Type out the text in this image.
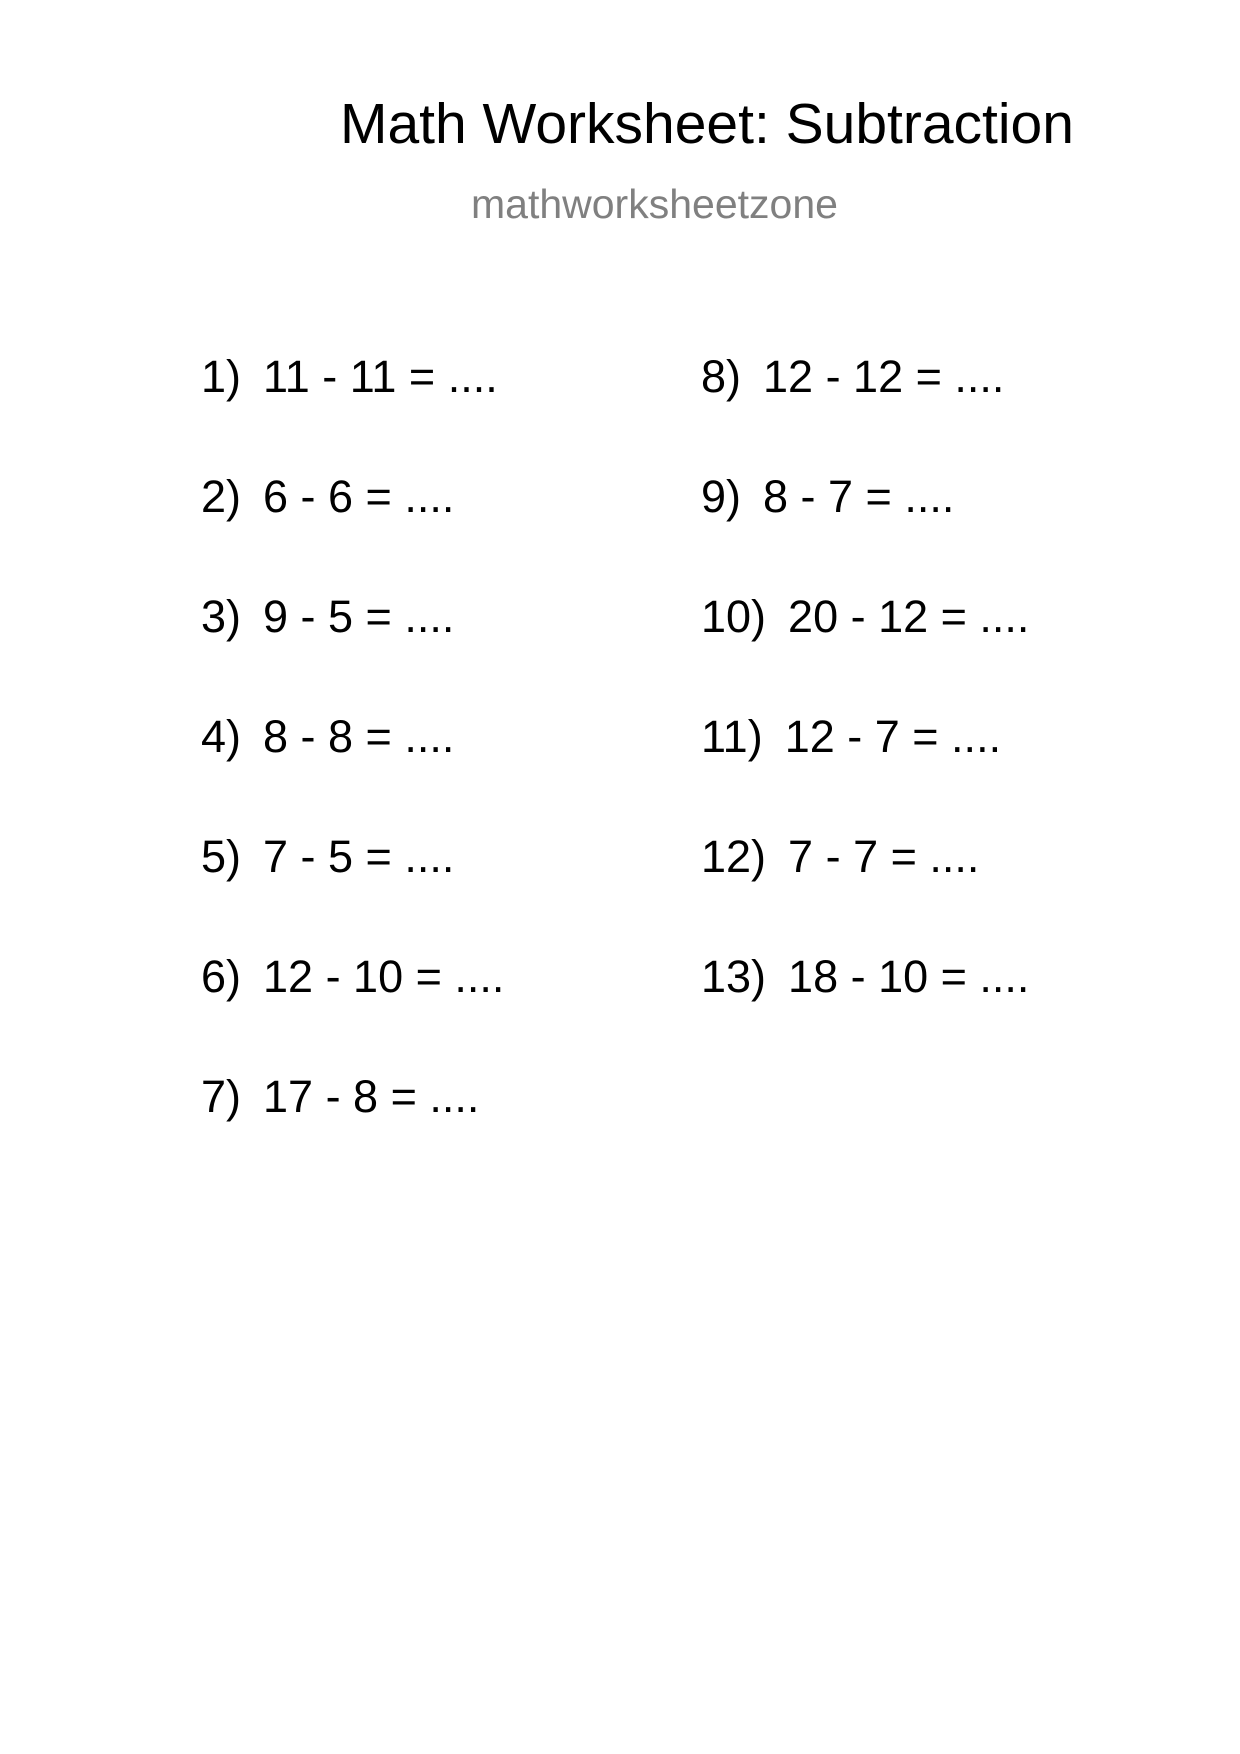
Math Worksheet: Subtraction
mathworksheetzone
1) 11 - 11 = ....
2) 6 - 6 = ....
3) 9 - 5 = ....
4) 8 - 8 = ....
5) 7 - 5 = ....
6) 12 - 10 = ....
7) 17 - 8 = ....
8) 12 - 12 = ....
9) 8 - 7 = ....
10) 20 - 12 = ....
11) 12 - 7 = ....
12) 7 - 7 = ....
13) 18 - 10 = ....
